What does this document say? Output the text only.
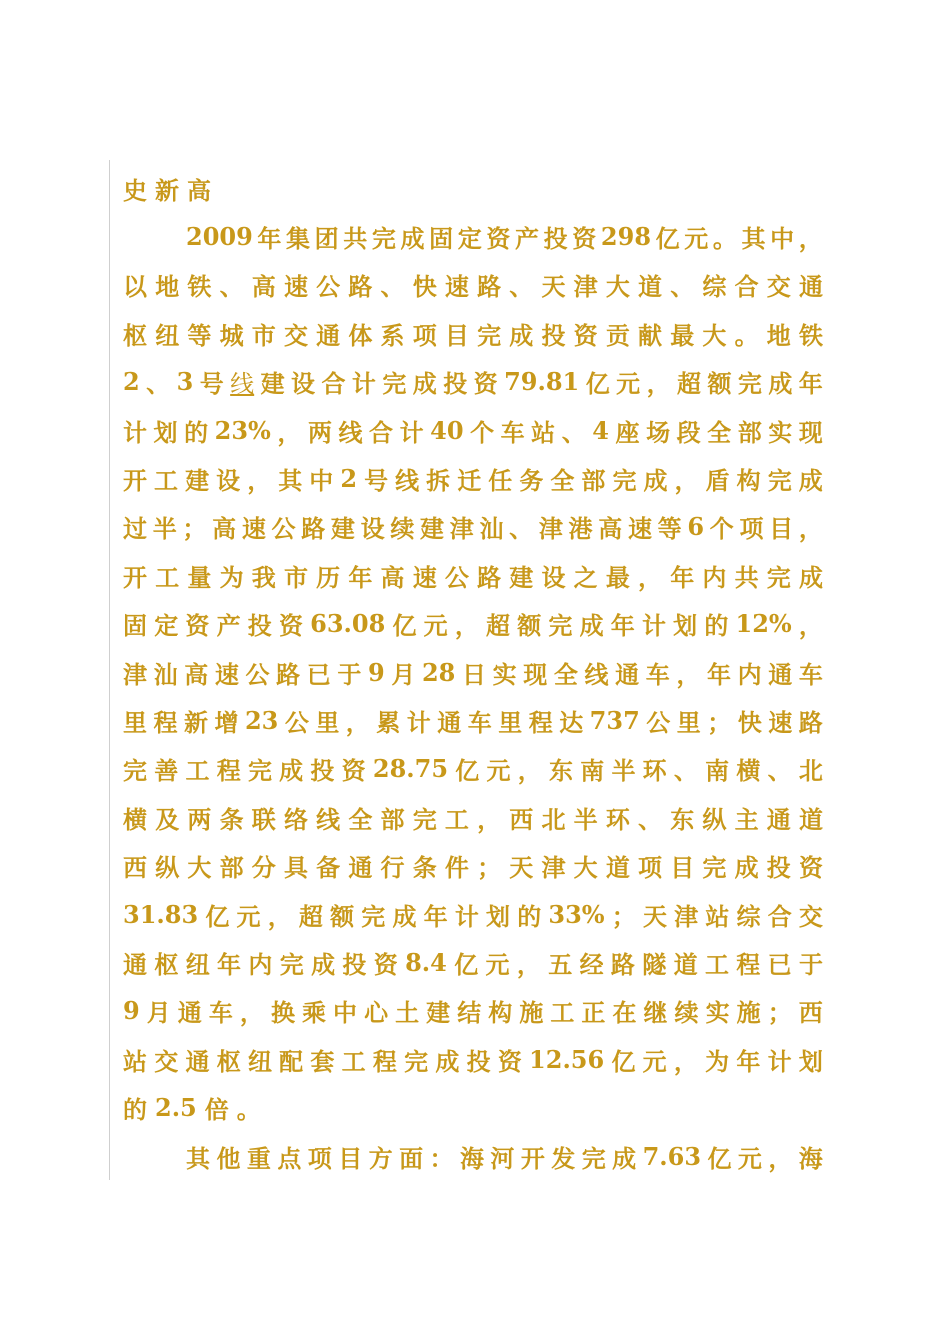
史 新 高
2009 年 集 团 共 完 成 固 定 资 产 投 资 298 亿 元 。 其 中 ，
以 地 铁 、 高 速 公 路 、 快 速 路 、 天 津 大 道 、 综 合 交 通
枢 纽 等 城 市 交 通 体 系 项 目 完 成 投 资 贡 献 最 大 。 地 铁
2 、 3 号 线 建 设 合 计 完 成 投 资 79.81 亿 元 ， 超 额 完 成 年
计 划 的 23% ， 两 线 合 计 40 个 车 站 、 4 座 场 段 全 部 实 现
开 工 建 设 ， 其 中 2 号 线 拆 迁 任 务 全 部 完 成 ， 盾 构 完 成
过 半 ； 高 速 公 路 建 设 续 建 津 汕 、 津 港 高 速 等 6 个 项 目 ，
开 工 量 为 我 市 历 年 高 速 公 路 建 设 之 最 ， 年 内 共 完 成
固 定 资 产 投 资 63.08 亿 元 ， 超 额 完 成 年 计 划 的 12% ，
津 汕 高 速 公 路 已 于 9 月 28 日 实 现 全 线 通 车 ， 年 内 通 车
里 程 新 增 23 公 里 ， 累 计 通 车 里 程 达 737 公 里 ； 快 速 路
完 善 工 程 完 成 投 资 28.75 亿 元 ， 东 南 半 环 、 南 横 、 北
横 及 两 条 联 络 线 全 部 完 工 ， 西 北 半 环 、 东 纵 主 通 道
西 纵 大 部 分 具 备 通 行 条 件 ； 天 津 大 道 项 目 完 成 投 资
31.83 亿 元 ， 超 额 完 成 年 计 划 的 33% ； 天 津 站 综 合 交
通 枢 纽 年 内 完 成 投 资 8.4 亿 元 ， 五 经 路 隧 道 工 程 已 于
9 月 通 车 ， 换 乘 中 心 土 建 结 构 施 工 正 在 继 续 实 施 ； 西
站 交 通 枢 纽 配 套 工 程 完 成 投 资 12.56 亿 元 ， 为 年 计 划
的 2.5 倍 。
其 他 重 点 项 目 方 面 ： 海 河 开 发 完 成 7.63 亿 元 ， 海
